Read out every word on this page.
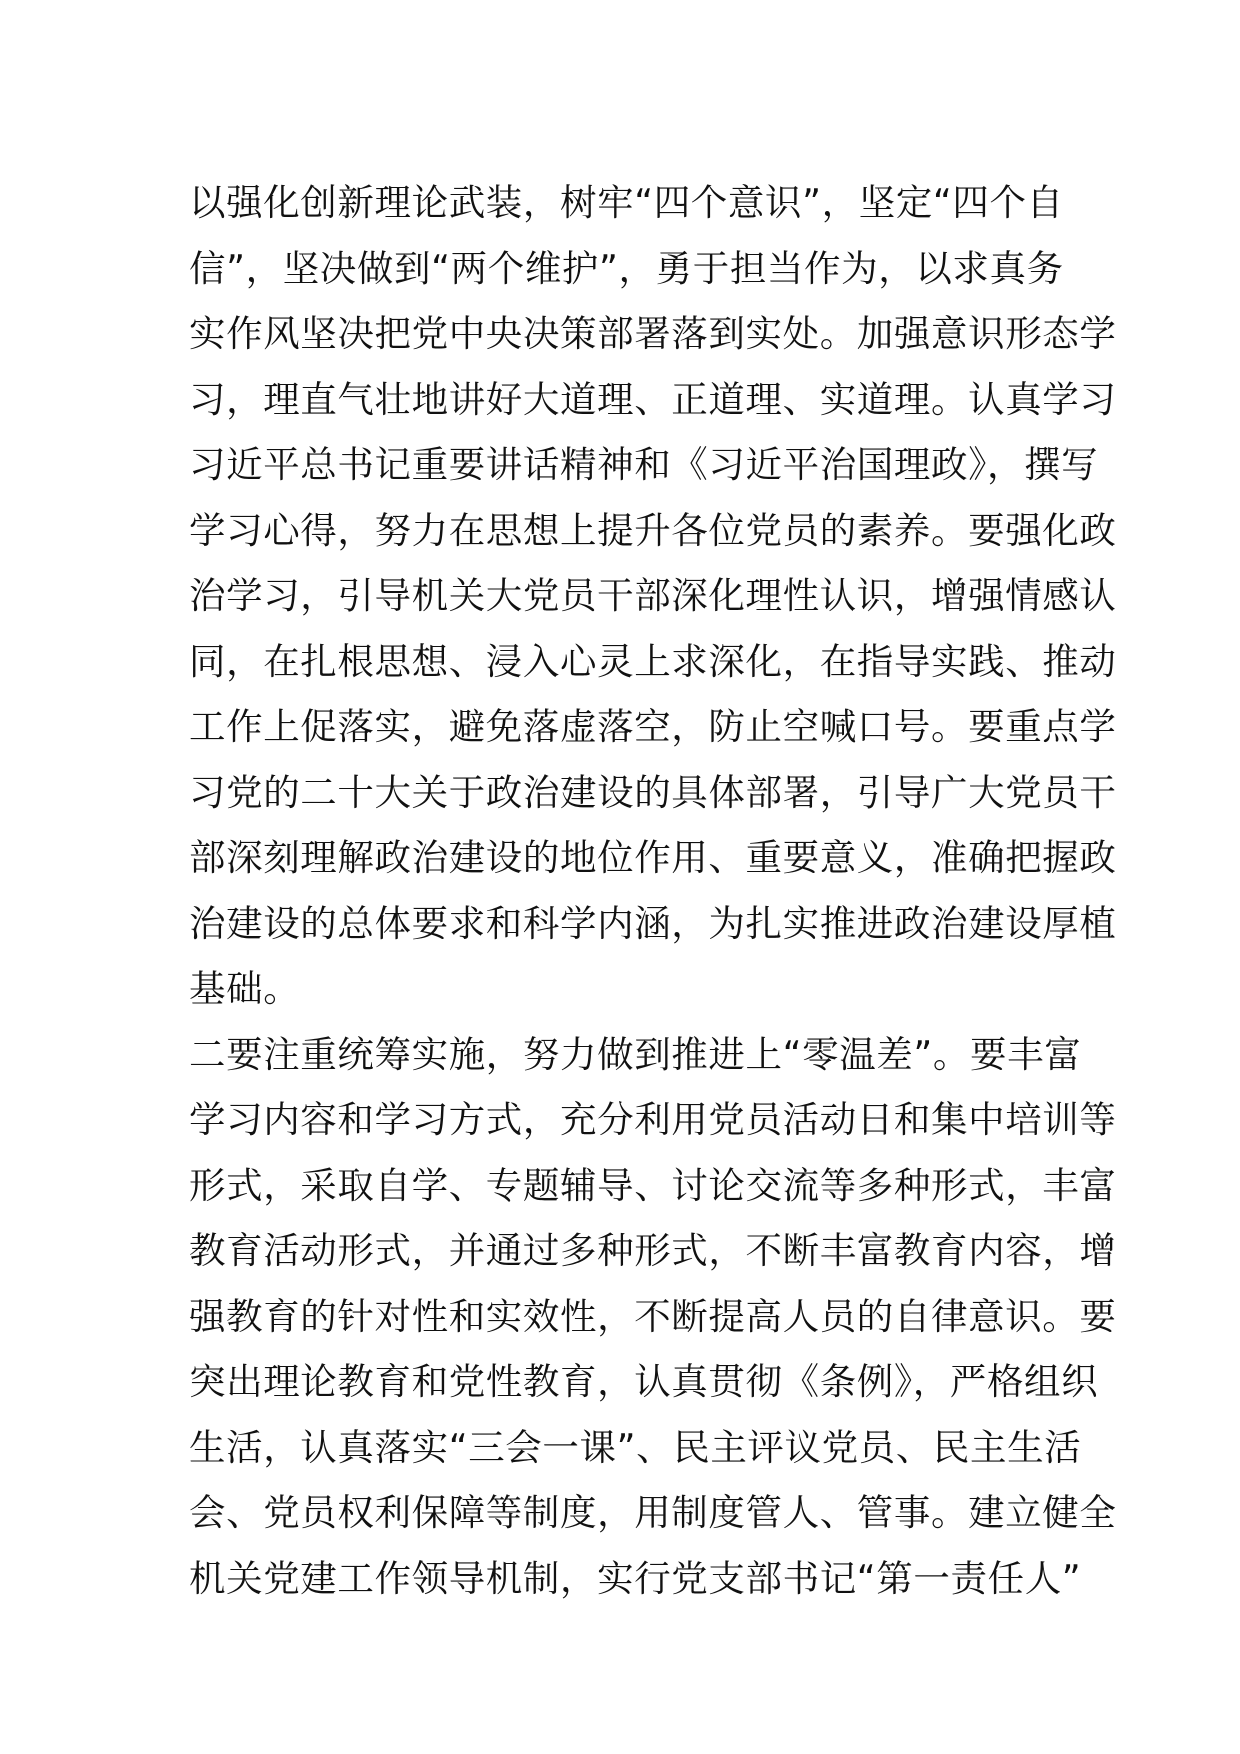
以强化创新理论武装，树牢“四个意识”，坚定“四个自
信”，坚决做到“两个维护”，勇于担当作为，以求真务
实作风坚决把党中央决策部署落到实处。加强意识形态学
习，理直气壮地讲好大道理、正道理、实道理。认真学习
习近平总书记重要讲话精神和《习近平治国理政》，撰写
学习心得，努力在思想上提升各位党员的素养。要强化政
治学习，引导机关大党员干部深化理性认识，增强情感认
同，在扎根思想、浸入心灵上求深化，在指导实践、推动
工作上促落实，避免落虚落空，防止空喊口号。要重点学
习党的二十大关于政治建设的具体部署，引导广大党员干
部深刻理解政治建设的地位作用、重要意义，准确把握政
治建设的总体要求和科学内涵，为扎实推进政治建设厚植
基础。
二要注重统筹实施，努力做到推进上“零温差”。要丰富
学习内容和学习方式，充分利用党员活动日和集中培训等
形式，采取自学、专题辅导、讨论交流等多种形式，丰富
教育活动形式，并通过多种形式，不断丰富教育内容，增
强教育的针对性和实效性，不断提高人员的自律意识。要
突出理论教育和党性教育，认真贯彻《条例》，严格组织
生活，认真落实“三会一课”、民主评议党员、民主生活
会、党员权利保障等制度，用制度管人、管事。建立健全
机关党建工作领导机制，实行党支部书记“第一责任人”
